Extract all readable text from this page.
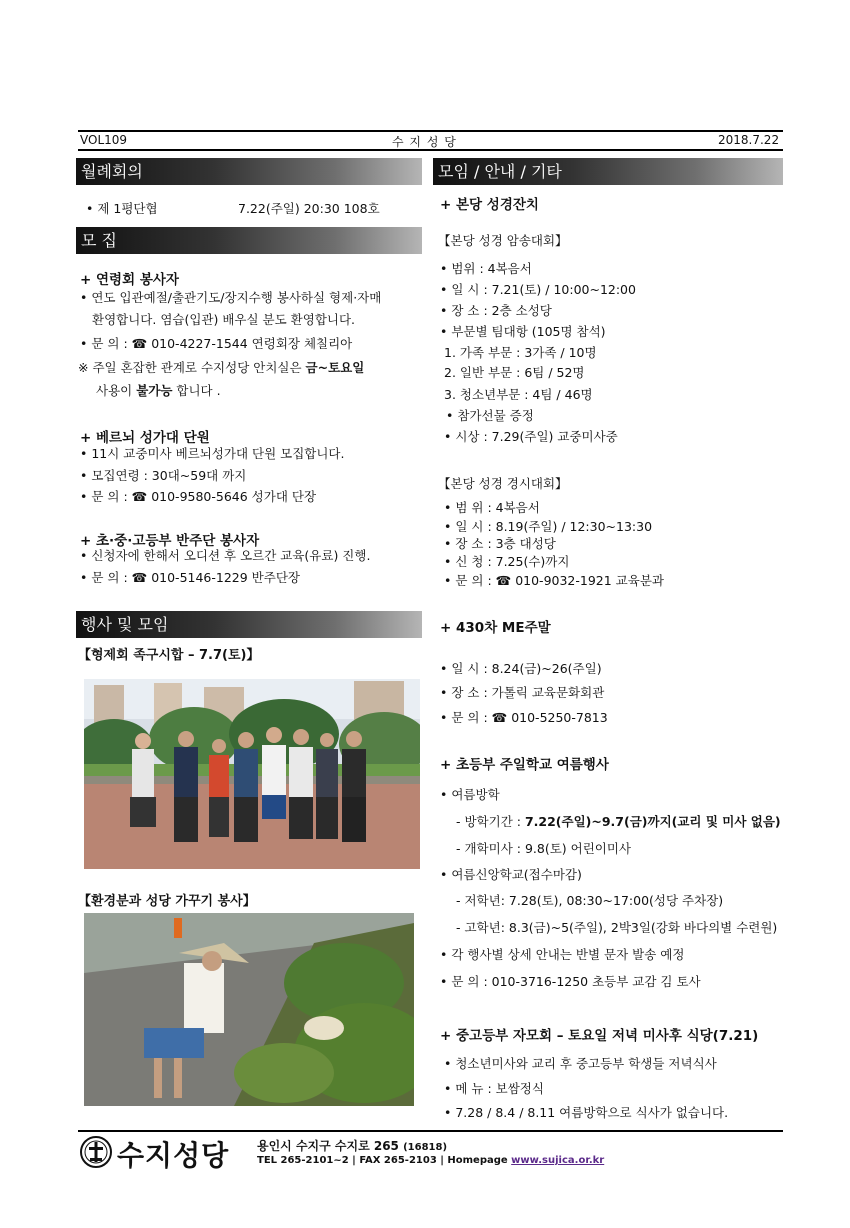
VOL109	수 지 성 당	2018.7.22
월례회의
• 제 1평단협	7.22(주일) 20:30 108호
모 집
+ 연령회 봉사자
• 연도 입관예절/출관기도/장지수행 봉사하실 형제·자매
환영합니다. 염습(입관) 배우실 분도 환영합니다.
• 문 의 : ☎ 010-4227-1544 연령회장 체칠리아
※ 주일 혼잡한 관계로 수지성당 안치실은 금~토요일
사용이 불가능 합니다 .
+ 베르뇌 성가대 단원
• 11시 교중미사 베르뇌성가대 단원 모집합니다.
• 모집연령 : 30대~59대 까지
• 문 의 : ☎ 010-9580-5646 성가대 단장
+ 초·중·고등부 반주단 봉사자
• 신청자에 한해서 오디션 후 오르간 교육(유료) 진행.
• 문 의 : ☎ 010-5146-1229 반주단장
행사 및 모임
【형제회 족구시합 – 7.7(토)】
【환경분과 성당 가꾸기 봉사】
모임 / 안내 / 기타
+ 본당 성경잔치
【본당 성경 암송대회】
• 범위 : 4복음서
• 일 시 : 7.21(토) / 10:00~12:00
• 장 소 : 2층 소성당
• 부문별 팀대항 (105명 참석)
1. 가족 부문 : 3가족 / 10명
2. 일반 부문 : 6팀 / 52명
3. 청소년부문 : 4팀 / 46명
• 참가선물 증정
• 시상 : 7.29(주일) 교중미사중
【본당 성경 경시대회】
• 범 위 : 4복음서
• 일 시 : 8.19(주일) / 12:30~13:30
• 장 소 : 3층 대성당
• 신 청 : 7.25(수)까지
• 문 의 : ☎ 010-9032-1921 교육분과
+ 430차 ME주말
• 일 시 : 8.24(금)~26(주일)
• 장 소 : 가톨릭 교육문화회관
• 문 의 : ☎ 010-5250-7813
+ 초등부 주일학교 여름행사
• 여름방학
- 방학기간 : 7.22(주일)~9.7(금)까지(교리 및 미사 없음)
- 개학미사 : 9.8(토) 어린이미사
• 여름신앙학교(접수마감)
- 저학년: 7.28(토), 08:30~17:00(성당 주차장)
- 고학년: 8.3(금)~5(주일), 2박3일(강화 바다의별 수련원)
• 각 행사별 상세 안내는 반별 문자 발송 예정
• 문 의 : 010-3716-1250 초등부 교감 김 토사
+ 중고등부 자모회 – 토요일 저녁 미사후 식당(7.21)
• 청소년미사와 교리 후 중고등부 학생들 저녁식사
• 메 뉴 : 보쌈정식
• 7.28 / 8.4 / 8.11 여름방학으로 식사가 없습니다.
수지성당 용인시 수지구 수지로 265 (16818)
TEL 265-2101~2 | FAX 265-2103 | Homepage www.sujica.or.kr
